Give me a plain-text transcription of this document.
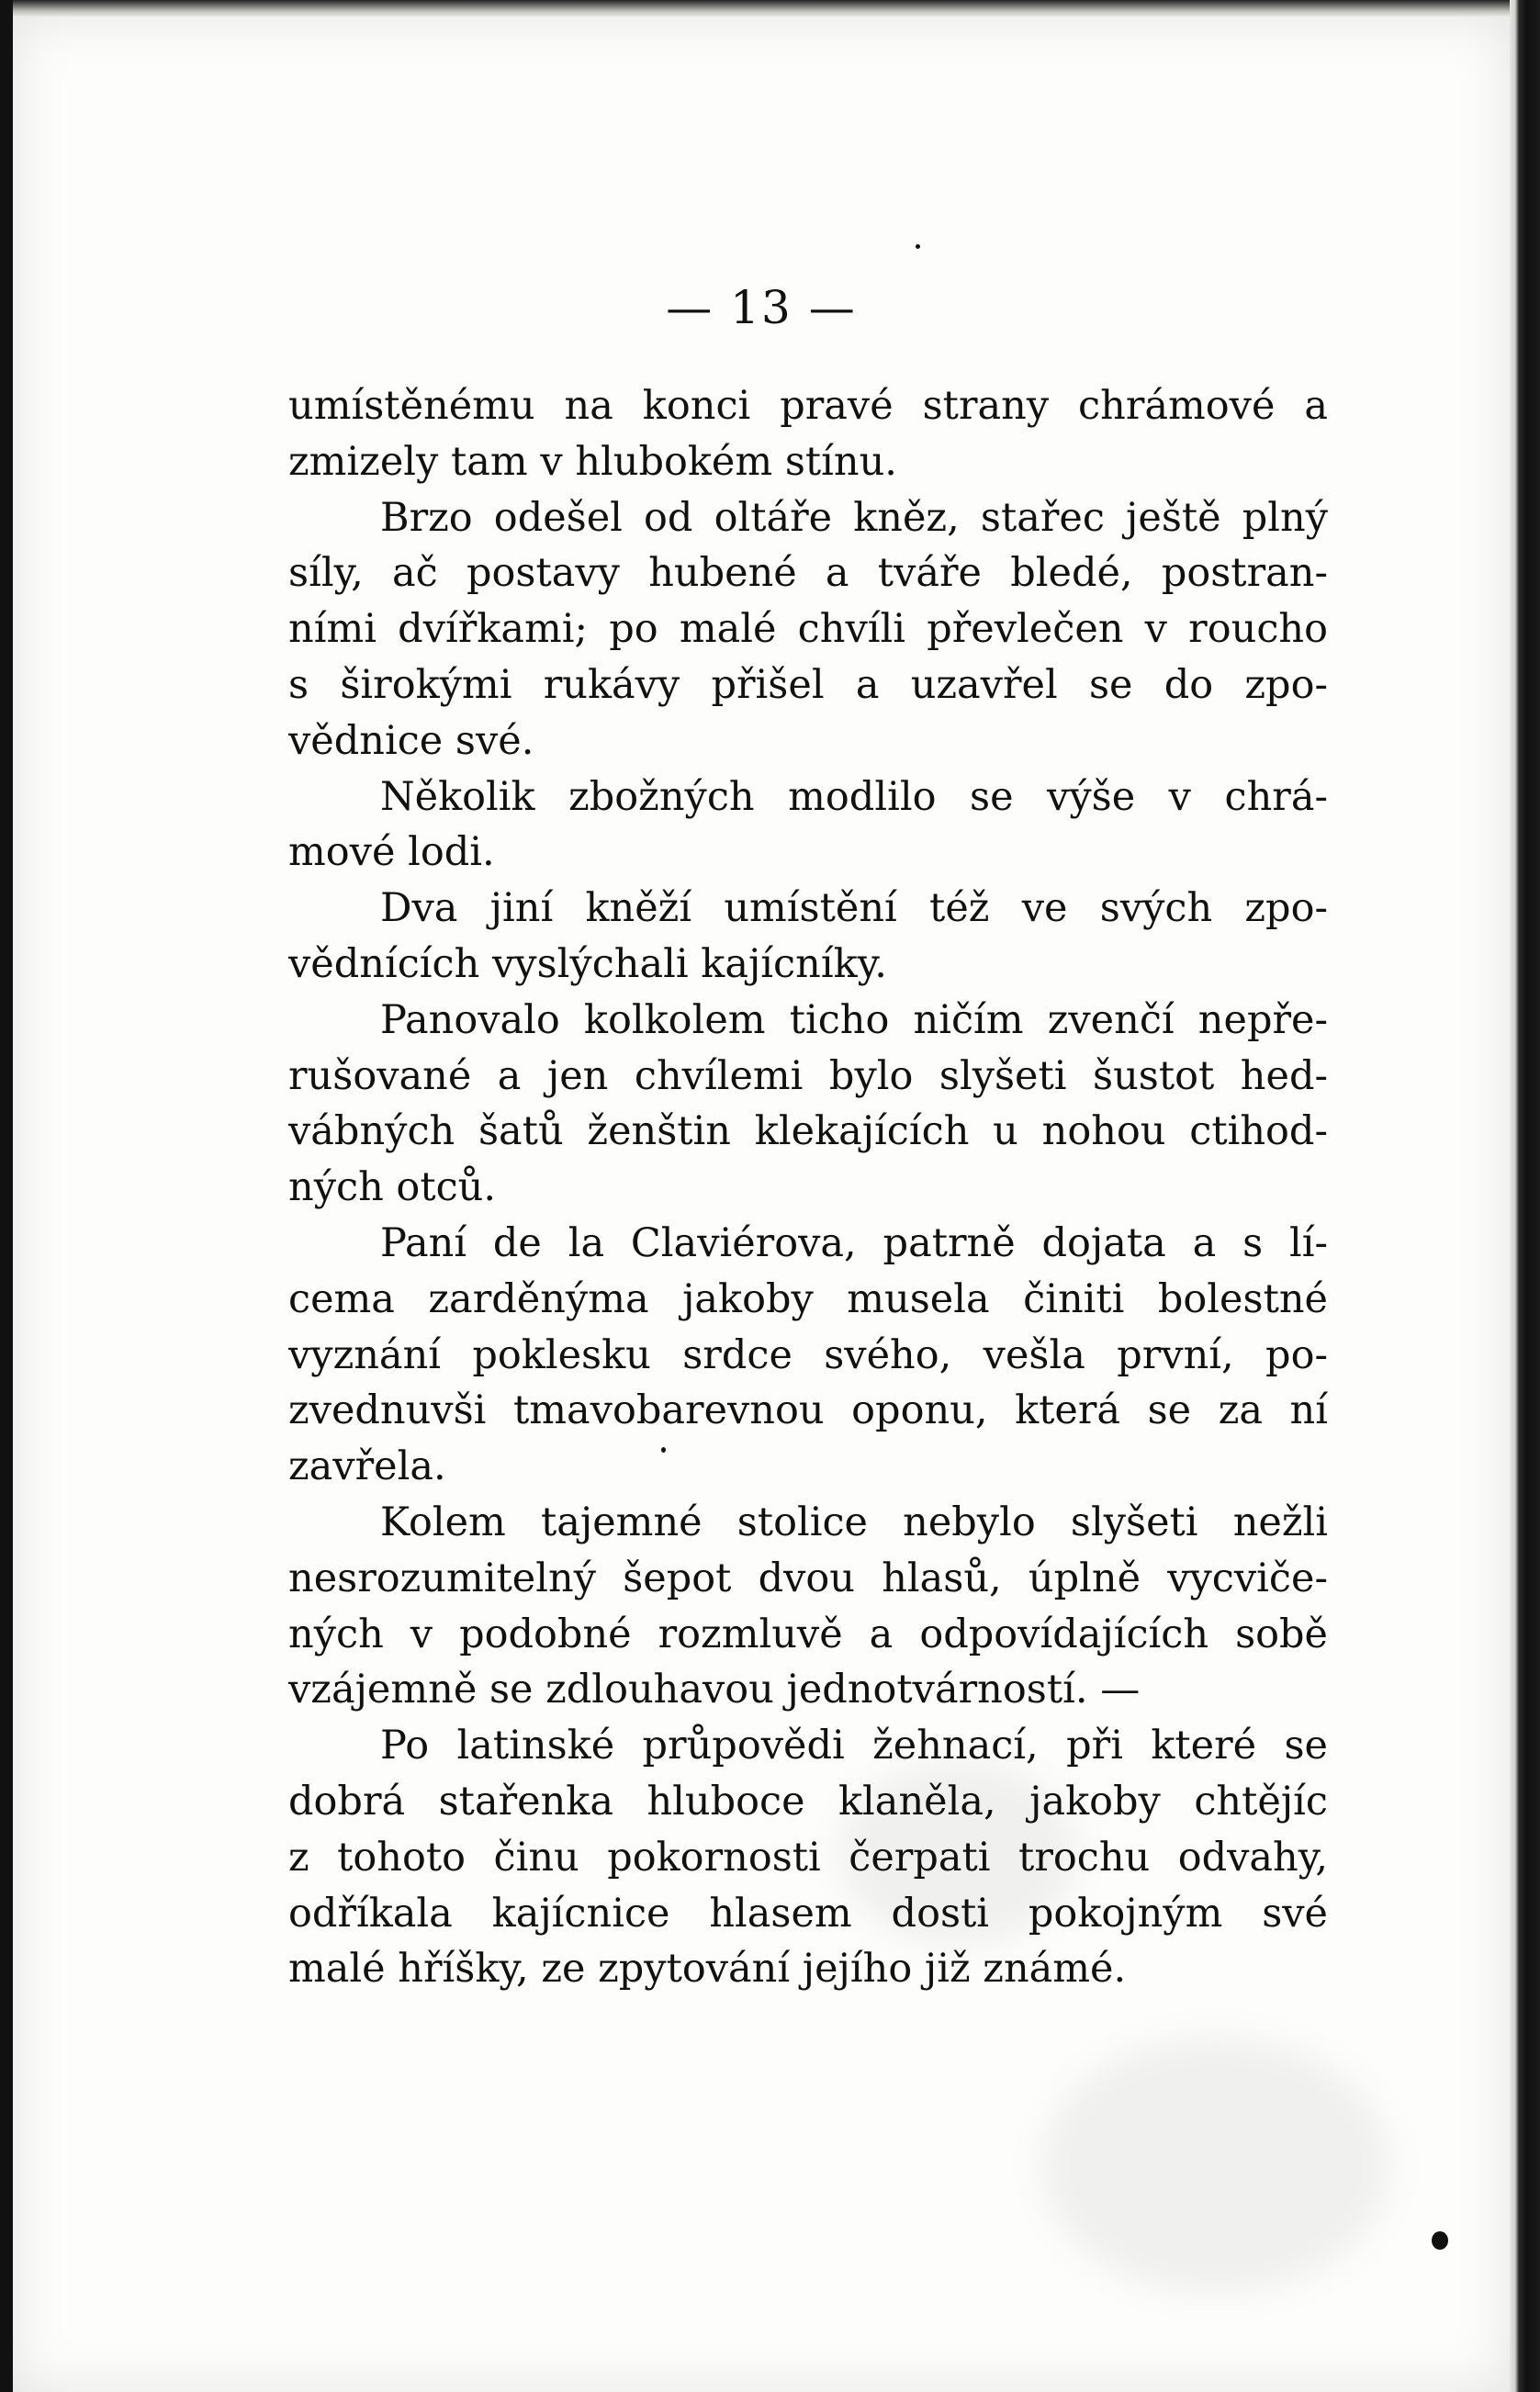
— 13 —
umístěnému na konci pravé strany chrámové a
zmizely tam v hlubokém stínu.
Brzo odešel od oltáře kněz, stařec ještě plný
síly, ač postavy hubené a tváře bledé, postran-
ními dvířkami; po malé chvíli převlečen v roucho
s širokými rukávy přišel a uzavřel se do zpo-
vědnice své.
Několik zbožných modlilo se výše v chrá-
mové lodi.
Dva jiní kněží umístění též ve svých zpo-
vědnících vyslýchali kajícníky.
Panovalo kolkolem ticho ničím zvenčí nepře-
rušované a jen chvílemi bylo slyšeti šustot hed-
vábných šatů ženštin klekajících u nohou ctihod-
ných otců.
Paní de la Claviérova, patrně dojata a s lí-
cema zarděnýma jakoby musela činiti bolestné
vyznání poklesku srdce svého, vešla první, po-
zvednuvši tmavobarevnou oponu, která se za ní
zavřela.
Kolem tajemné stolice nebylo slyšeti nežli
nesrozumitelný šepot dvou hlasů, úplně vycviče-
ných v podobné rozmluvě a odpovídajících sobě
vzájemně se zdlouhavou jednotvárností. —
Po latinské průpovědi žehnací, při které se
dobrá stařenka hluboce klaněla, jakoby chtějíc
z tohoto činu pokornosti čerpati trochu odvahy,
odříkala kajícnice hlasem dosti pokojným své
malé hříšky, ze zpytování jejího již známé.
